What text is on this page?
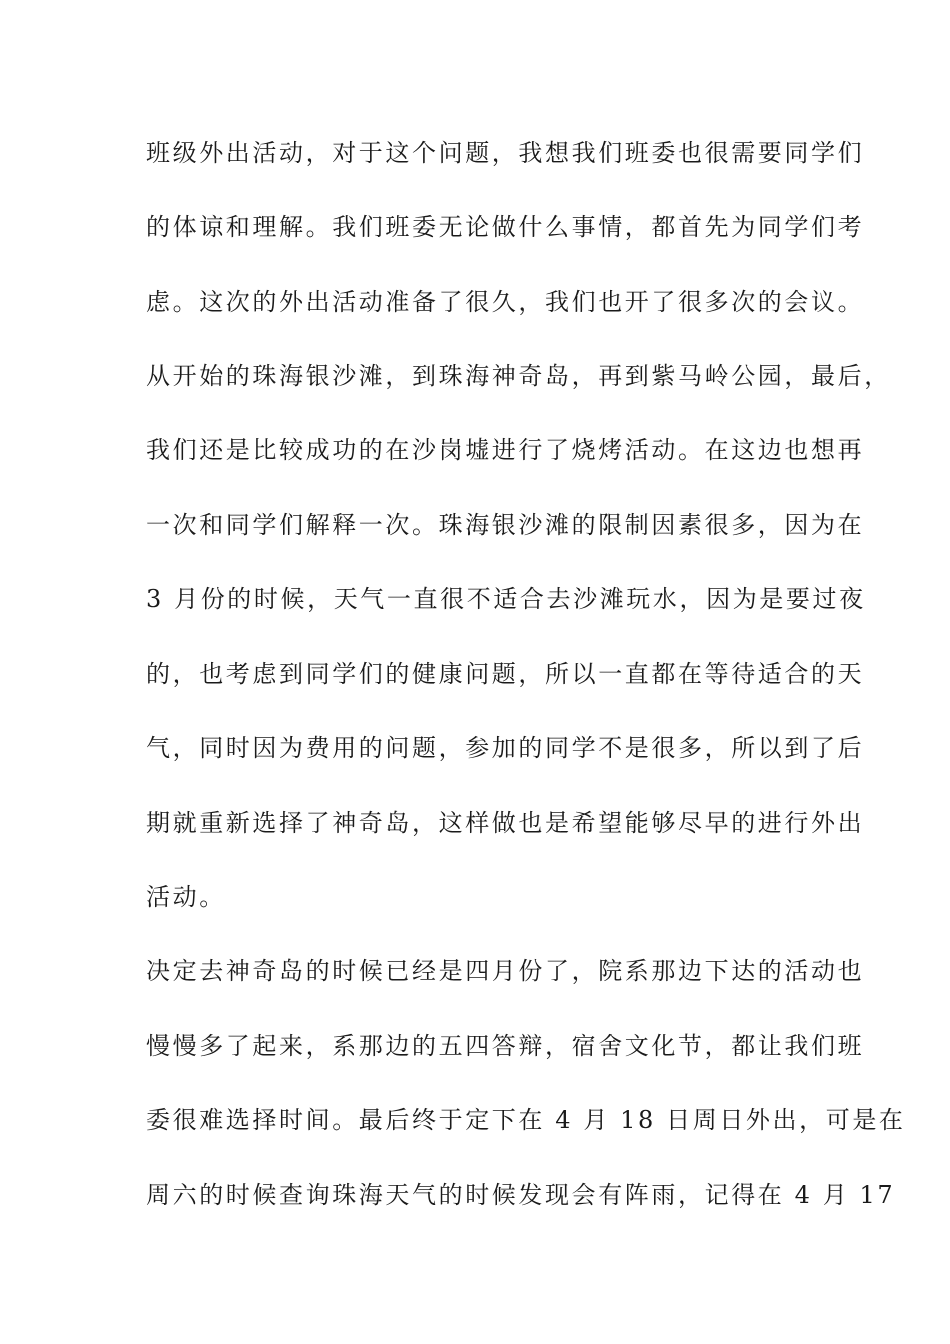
班级外出活动，对于这个问题，我想我们班委也很需要同学们
的体谅和理解。我们班委无论做什么事情，都首先为同学们考
虑。这次的外出活动准备了很久，我们也开了很多次的会议。
从开始的珠海银沙滩，到珠海神奇岛，再到紫马岭公园，最后，
我们还是比较成功的在沙岗墟进行了烧烤活动。在这边也想再
一次和同学们解释一次。珠海银沙滩的限制因素很多，因为在
3 月份的时候，天气一直很不适合去沙滩玩水，因为是要过夜
的，也考虑到同学们的健康问题，所以一直都在等待适合的天
气，同时因为费用的问题，参加的同学不是很多，所以到了后
期就重新选择了神奇岛，这样做也是希望能够尽早的进行外出
活动。
决定去神奇岛的时候已经是四月份了，院系那边下达的活动也
慢慢多了起来，系那边的五四答辩，宿舍文化节，都让我们班
委很难选择时间。最后终于定下在 4 月 18 日周日外出，可是在
周六的时候查询珠海天气的时候发现会有阵雨，记得在 4 月 17
